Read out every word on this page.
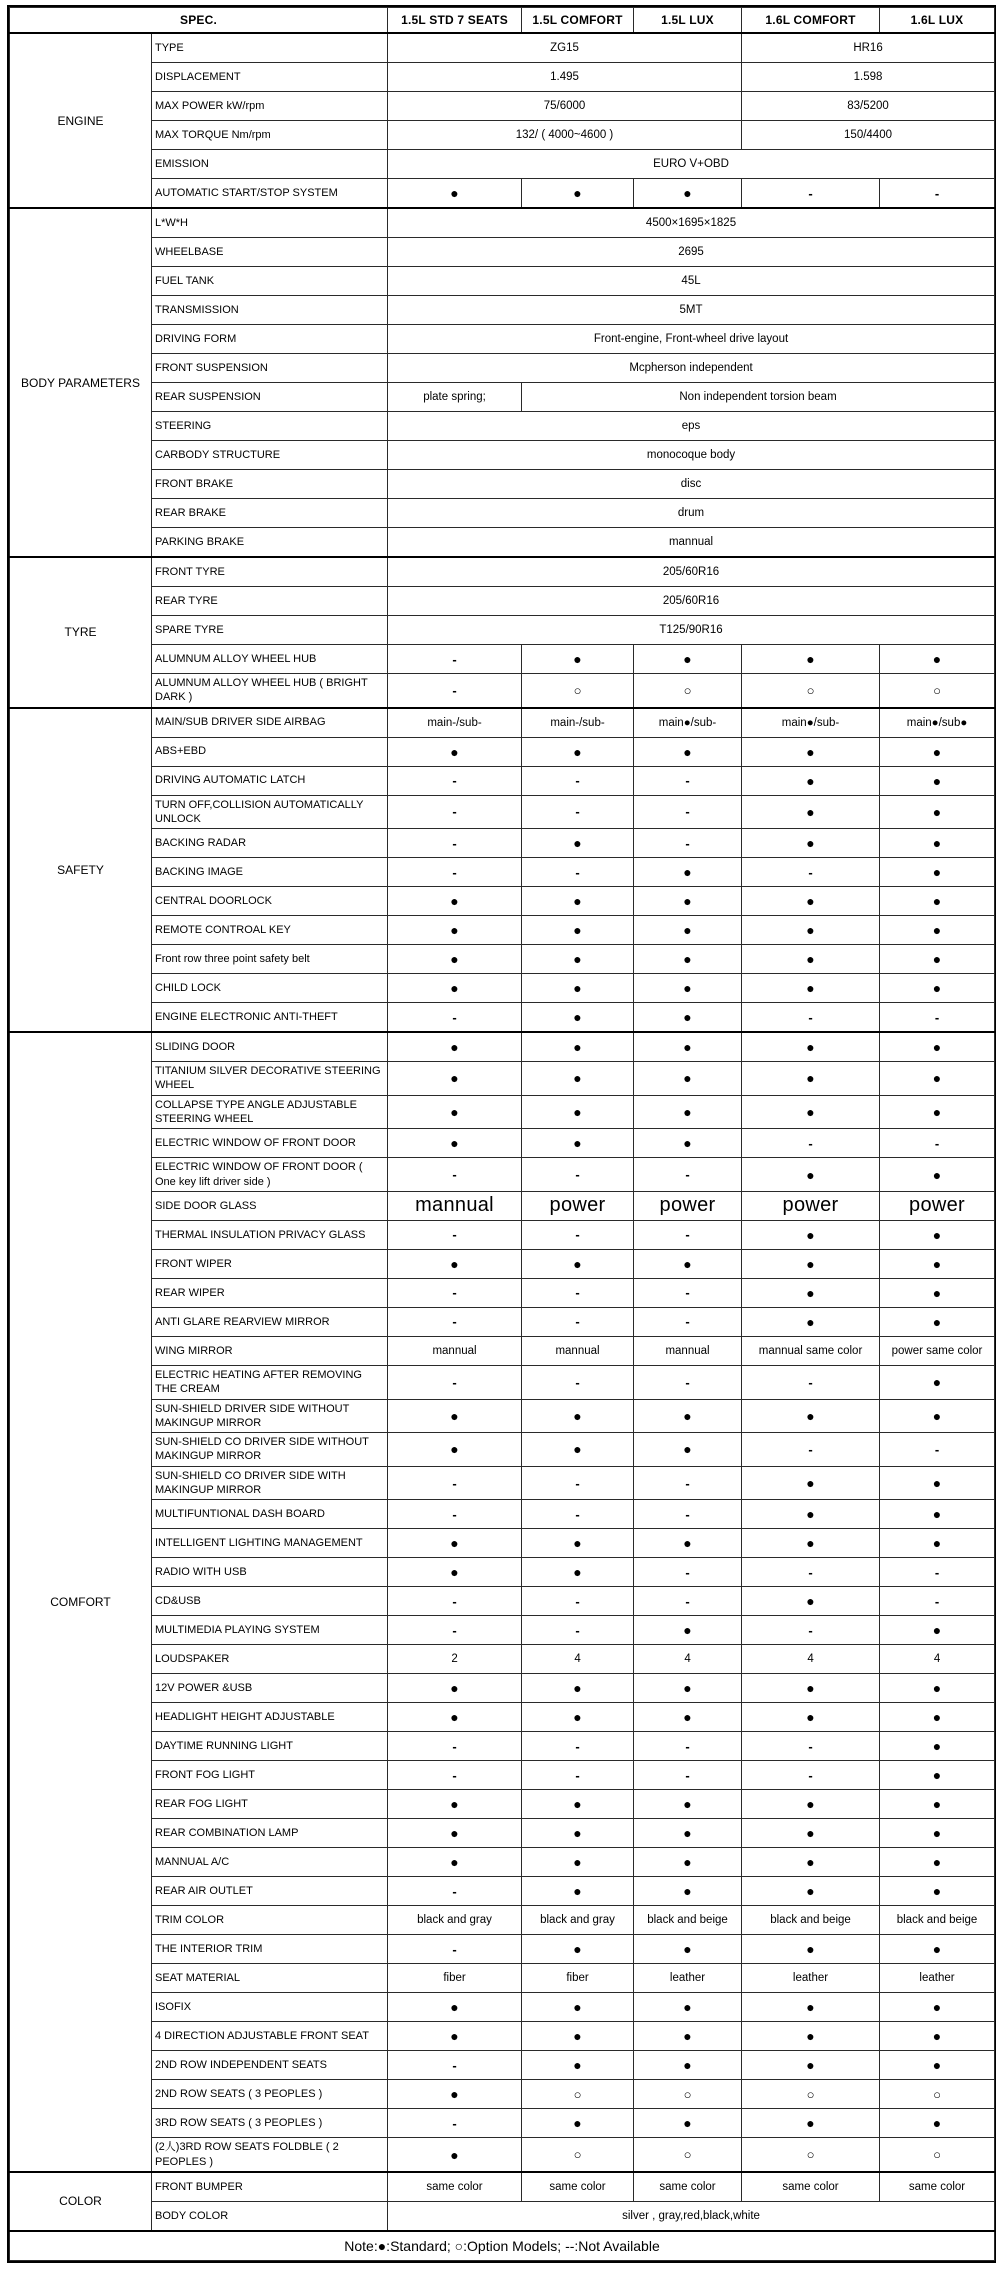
SPEC.		1.5L STD 7 SEATS	1.5L COMFORT	1.5L LUX	1.6L COMFORT	1.6L LUX
ENGINE	TYPE	ZG15			HR16	
	DISPLACEMENT	1.495			1.598	
	MAX POWER kW/rpm	75/6000			83/5200	
	MAX TORQUE Nm/rpm	132/ ( 4000~4600 )			150/4400	
	EMISSION	EURO V+OBD				
	AUTOMATIC START/STOP SYSTEM	●	●	●	-	-
BODY PARAMETERS	L*W*H	4500×1695×1825				
	WHEELBASE	2695				
	FUEL TANK	45L				
	TRANSMISSION	5MT				
	DRIVING FORM	Front-engine, Front-wheel drive layout				
	FRONT SUSPENSION	Mcpherson independent				
	REAR SUSPENSION	plate spring;	Non independent torsion beam			
	STEERING	eps				
	CARBODY STRUCTURE	monocoque body				
	FRONT BRAKE	disc				
	REAR BRAKE	drum				
	PARKING BRAKE	mannual				
TYRE	FRONT TYRE	205/60R16				
	REAR TYRE	205/60R16				
	SPARE TYRE	T125/90R16				
	ALUMNUM ALLOY WHEEL HUB	-	●	●	●	●
	ALUMNUM ALLOY WHEEL HUB ( BRIGHT DARK )	-	○	○	○	○
SAFETY	MAIN/SUB DRIVER SIDE AIRBAG	main-/sub-	main-/sub-	main●/sub-	main●/sub-	main●/sub●
	ABS+EBD	●	●	●	●	●
	DRIVING AUTOMATIC LATCH	-	-	-	●	●
	TURN OFF,COLLISION AUTOMATICALLY UNLOCK	-	-	-	●	●
	BACKING RADAR	-	●	-	●	●
	BACKING IMAGE	-	-	●	-	●
	CENTRAL DOORLOCK	●	●	●	●	●
	REMOTE CONTROAL KEY	●	●	●	●	●
	Front row three point safety belt	●	●	●	●	●
	CHILD LOCK	●	●	●	●	●
	ENGINE ELECTRONIC ANTI-THEFT	-	●	●	-	-
COMFORT	SLIDING DOOR	●	●	●	●	●
	TITANIUM SILVER DECORATIVE STEERING WHEEL	●	●	●	●	●
	COLLAPSE TYPE ANGLE ADJUSTABLE STEERING WHEEL	●	●	●	●	●
	ELECTRIC WINDOW OF FRONT DOOR	●	●	●	-	-
	ELECTRIC WINDOW OF FRONT DOOR ( One key lift driver side )	-	-	-	●	●
	SIDE DOOR GLASS	mannual	power	power	power	power
	THERMAL INSULATION PRIVACY GLASS	-	-	-	●	●
	FRONT WIPER	●	●	●	●	●
	REAR WIPER	-	-	-	●	●
	ANTI GLARE REARVIEW MIRROR	-	-	-	●	●
	WING MIRROR	mannual	mannual	mannual	mannual same color	power same color
	ELECTRIC HEATING AFTER REMOVING THE CREAM	-	-	-	-	●
	SUN-SHIELD DRIVER SIDE WITHOUT MAKINGUP MIRROR	●	●	●	●	●
	SUN-SHIELD CO DRIVER SIDE WITHOUT MAKINGUP MIRROR	●	●	●	-	-
	SUN-SHIELD CO DRIVER SIDE WITH MAKINGUP MIRROR	-	-	-	●	●
	MULTIFUNTIONAL DASH BOARD	-	-	-	●	●
	INTELLIGENT LIGHTING MANAGEMENT	●	●	●	●	●
	RADIO WITH USB	●	●	-	-	-
	CD&USB	-	-	-	●	-
	MULTIMEDIA PLAYING SYSTEM	-	-	●	-	●
	LOUDSPAKER	2	4	4	4	4
	12V POWER &USB	●	●	●	●	●
	HEADLIGHT HEIGHT ADJUSTABLE	●	●	●	●	●
	DAYTIME RUNNING LIGHT	-	-	-	-	●
	FRONT FOG LIGHT	-	-	-	-	●
	REAR FOG LIGHT	●	●	●	●	●
	REAR COMBINATION LAMP	●	●	●	●	●
	MANNUAL A/C	●	●	●	●	●
	REAR AIR OUTLET	-	●	●	●	●
	TRIM COLOR	black and gray	black and gray	black and beige	black and beige	black and beige
	THE INTERIOR TRIM	-	●	●	●	●
	SEAT MATERIAL	fiber	fiber	leather	leather	leather
	ISOFIX	●	●	●	●	●
	4 DIRECTION ADJUSTABLE FRONT SEAT	●	●	●	●	●
	2ND ROW INDEPENDENT SEATS	-	●	●	●	●
	2ND ROW SEATS ( 3 PEOPLES )	●	○	○	○	○
	3RD ROW SEATS ( 3 PEOPLES )	-	●	●	●	●
	(2人)3RD ROW SEATS FOLDBLE ( 2 PEOPLES )	●	○	○	○	○
COLOR	FRONT BUMPER	same color	same color	same color	same color	same color
	BODY COLOR	silver , gray,red,black,white				
Note:●:Standard; ○:Option Models; --:Not Available						
